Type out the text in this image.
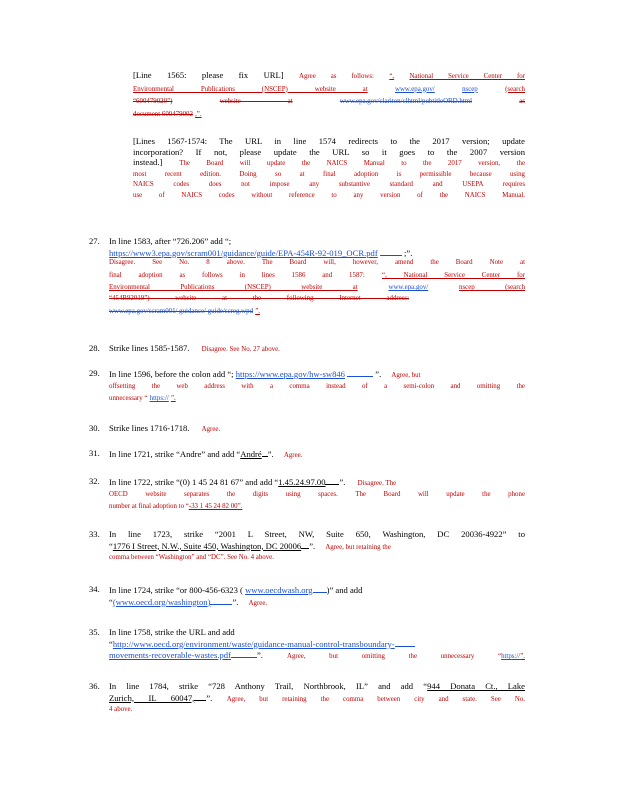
[Line 1565: please fix URL] Agree as follows: “, National Service Center for
Environmental Publications (NSCEP) website at	www.epa.gov/	nscep	(search
“600479020”)	website at	www.epa.gov/clariton/clhtml/pubtitleORD.html	as
document 600479002 ,”.
[Lines 1567-1574: The URL in line 1574 redirects to the 2017 version; update
incorporation? If not, please update the URL so it goes to the 2007 version
instead.] The Board will update the NAICS Manual to the 2017 version, the
most recent edition. Doing so at final adoption is permissible because using
NAICS codes does not impose any substantive standard and USEPA requires
use of NAICS codes without reference to any version of the NAICS Manual.
27. In line 1583, after “726.206” add “;
https://www3.epa.gov/scram001/guidance/guide/EPA-454R-92-019_OCR.pdf	;”.
Disagree. See No. 8 above. The Board will, however, amend the Board Note at
final adoption as follows in lines 1586 and 1587:	“, National Service Center for
Environmental Publications (NSCEP) website at	www.epa.gov/	nscep (search
“454R92019”) website at the following Internet address:
www.epa.gov/scram001/ guidance/ guide/screg.wpd ”.
28. Strike lines 1585-1587. Disagree. See No. 27 above.
29. In line 1596, before the colon add “; https://www.epa.gov/hw-sw846	”. Agree, but
offsetting the web address with a comma instead of a semi-colon and omitting the
unnecessary “ https:// ”.
30. Strike lines 1716-1718. Agree.
31. In line 1721, strike “Andre” and add “André ”. Agree.
32. In line 1722, strike “(0) 1 45 24 81 67” and add “1.45.24.97.00 ”. Disagree. The
OECD website separates the digits using spaces. The Board will update the phone
number at final adoption to “-33 1 45 24 82 00”.
33. In line 1723, strike “2001 L Street, NW, Suite 650, Washington, DC 20036-4922” to
“1776 I Street, N.W., Suite 450, Washington, DC 20006 ”. Agree, but retaining the
comma between “Washington” and “DC”. See No. 4 above.
34. In line 1724, strike “or 800-456-6323 ( www.oecdwash.org )” and add
“(www.oecd.org/washington)	”. Agree.
35. In line 1758, strike the URL and add
“http://www.oecd.org/environment/waste/guidance-manual-control-transboundary-
movements-recoverable-wastes.pdf	”.	Agree, but omitting the unnecessary “https://”.
36. In line 1784, strike “728 Anthony Trail, Northbrook, IL” and add “944 Donata Ct., Lake
Zurich, IL 60047, ”. Agree, but retaining the comma between city and state. See No.
4 above.
